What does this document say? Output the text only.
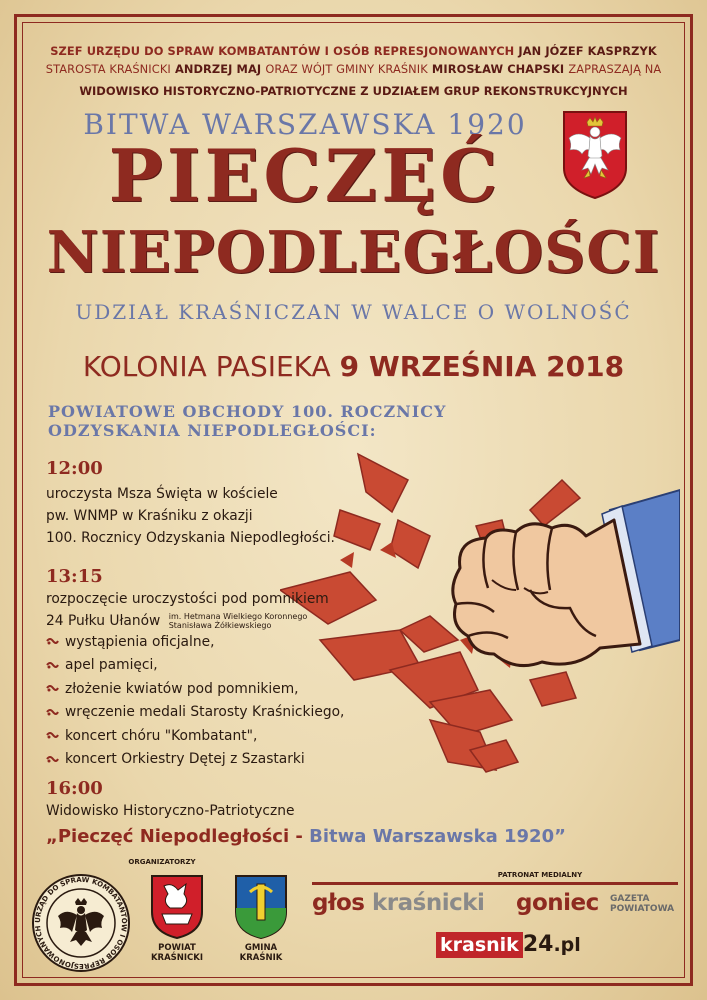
SZEF URZĘDU DO SPRAW KOMBATANTÓW I OSÓB REPRESJONOWANYCH JAN JÓZEF KASPRZYK
STAROSTA KRAŚNICKI ANDRZEJ MAJ ORAZ WÓJT GMINY KRAŚNIK MIROSŁAW CHAPSKI ZAPRASZAJĄ NA
WIDOWISKO HISTORYCZNO-PATRIOTYCZNE Z UDZIAŁEM GRUP REKONSTRUKCYJNYCH
BITWA WARSZAWSKA 1920
PIECZĘĆ
NIEPODLEGŁOŚCI
UDZIAŁ KRAŚNICZAN W WALCE O WOLNOŚĆ
KOLONIA PASIEKA 9 WRZEŚNIA 2018
POWIATOWE OBCHODY 100. ROCZNICY
ODZYSKANIA NIEPODLEGŁOŚCI:
12:00
uroczysta Msza Święta w kościele
pw. WNMP w Kraśniku z okazji
100. Rocznicy Odzyskania Niepodległości.
13:15
rozpoczęcie uroczystości pod pomnikiem
24 Pułku Ułanów im. Hetmana Wielkiego Koronnego
Stanisława Żółkiewskiego
wystąpienia oficjalne,
apel pamięci,
złożenie kwiatów pod pomnikiem,
wręczenie medali Starosty Kraśnickiego,
koncert chóru "Kombatant",
koncert Orkiestry Dętej z Szastarki
16:00
Widowisko Historyczno-Patriotyczne
„Pieczęć Niepodległości - Bitwa Warszawska 1920”
ORGANIZATORZY
URZĄD DO SPRAW KOMBATANTÓW I OSÓB REPRESJONOWANYCH
POWIAT
KRAŚNICKI
GMINA
KRAŚNIK
PATRONAT MEDIALNY
głos kraśnicki goniec GAZETA
POWIATOWA
krasnik 24.pl
